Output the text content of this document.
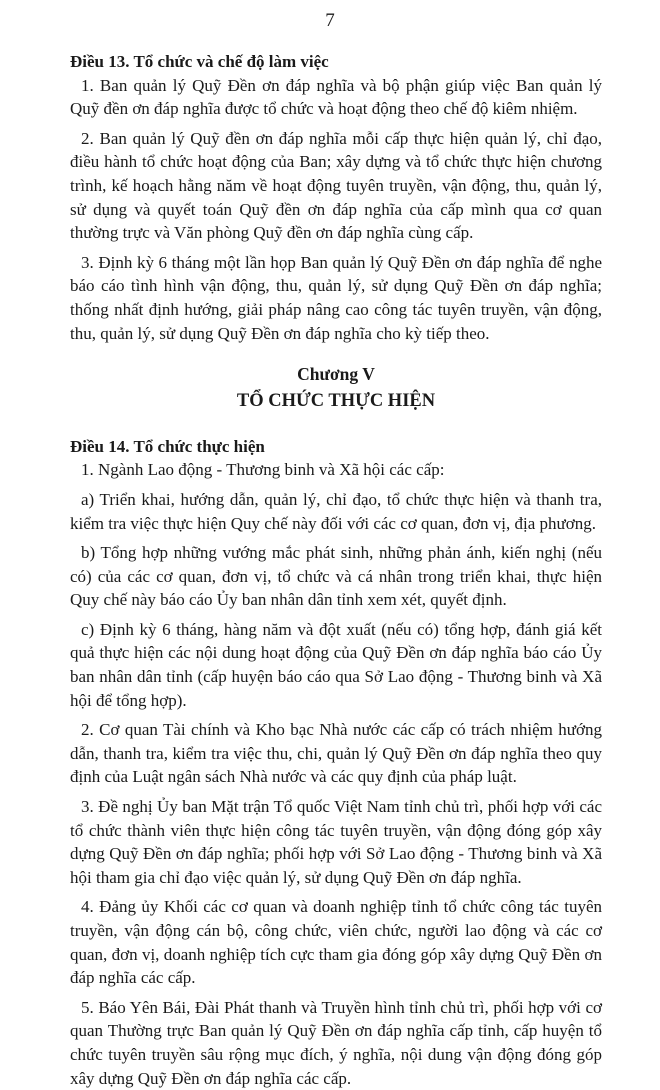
7

Điều 13. Tổ chức và chế độ làm việc

1. Ban quản lý Quỹ Đền ơn đáp nghĩa và bộ phận giúp việc Ban quản lý Quỹ đền ơn đáp nghĩa được tổ chức và hoạt động theo chế độ kiêm nhiệm.

2. Ban quản lý Quỹ đền ơn đáp nghĩa mỗi cấp thực hiện quản lý, chỉ đạo, điều hành tổ chức hoạt động của Ban; xây dựng và tổ chức thực hiện chương trình, kế hoạch hằng năm về hoạt động tuyên truyền, vận động, thu, quản lý, sử dụng và quyết toán Quỹ đền ơn đáp nghĩa của cấp mình qua cơ quan thường trực và Văn phòng Quỹ đền ơn đáp nghĩa cùng cấp.

3. Định kỳ 6 tháng một lần họp Ban quản lý Quỹ Đền ơn đáp nghĩa để nghe báo cáo tình hình vận động, thu, quản lý, sử dụng Quỹ Đền ơn đáp nghĩa; thống nhất định hướng, giải pháp nâng cao công tác tuyên truyền, vận động, thu, quản lý, sử dụng Quỹ Đền ơn đáp nghĩa cho kỳ tiếp theo.

Chương V

TỔ CHỨC THỰC HIỆN

Điều 14. Tổ chức thực hiện

1. Ngành Lao động - Thương binh và Xã hội các cấp:

a) Triển khai, hướng dẫn, quản lý, chỉ đạo, tổ chức thực hiện và thanh tra, kiểm tra việc thực hiện Quy chế này đối với các cơ quan, đơn vị, địa phương.

b) Tổng hợp những vướng mắc phát sinh, những phản ánh, kiến nghị (nếu có) của các cơ quan, đơn vị, tổ chức và cá nhân trong triển khai, thực hiện Quy chế này báo cáo Ủy ban nhân dân tỉnh xem xét, quyết định.

c) Định kỳ 6 tháng, hàng năm và đột xuất (nếu có) tổng hợp, đánh giá kết quả thực hiện các nội dung hoạt động của Quỹ Đền ơn đáp nghĩa báo cáo Ủy ban nhân dân tỉnh (cấp huyện báo cáo qua Sở Lao động - Thương binh và Xã hội để tổng hợp).

2. Cơ quan Tài chính và Kho bạc Nhà nước các cấp có trách nhiệm hướng dẫn, thanh tra, kiểm tra việc thu, chi, quản lý Quỹ Đền ơn đáp nghĩa theo quy định của Luật ngân sách Nhà nước và các quy định của pháp luật.

3. Đề nghị Ủy ban Mặt trận Tổ quốc Việt Nam tỉnh chủ trì, phối hợp với các tổ chức thành viên thực hiện công tác tuyên truyền, vận động đóng góp xây dựng Quỹ Đền ơn đáp nghĩa; phối hợp với Sở Lao động - Thương binh và Xã hội tham gia chỉ đạo việc quản lý, sử dụng Quỹ Đền ơn đáp nghĩa.

4. Đảng ủy Khối các cơ quan và doanh nghiệp tỉnh tổ chức công tác tuyên truyền, vận động cán bộ, công chức, viên chức, người lao động và các cơ quan, đơn vị, doanh nghiệp tích cực tham gia đóng góp xây dựng Quỹ Đền ơn đáp nghĩa các cấp.

5. Báo Yên Bái, Đài Phát thanh và Truyền hình tỉnh chủ trì, phối hợp với cơ quan Thường trực Ban quản lý Quỹ Đền ơn đáp nghĩa cấp tỉnh, cấp huyện tổ chức tuyên truyền sâu rộng mục đích, ý nghĩa, nội dung vận động đóng góp xây dựng Quỹ Đền ơn đáp nghĩa các cấp.
